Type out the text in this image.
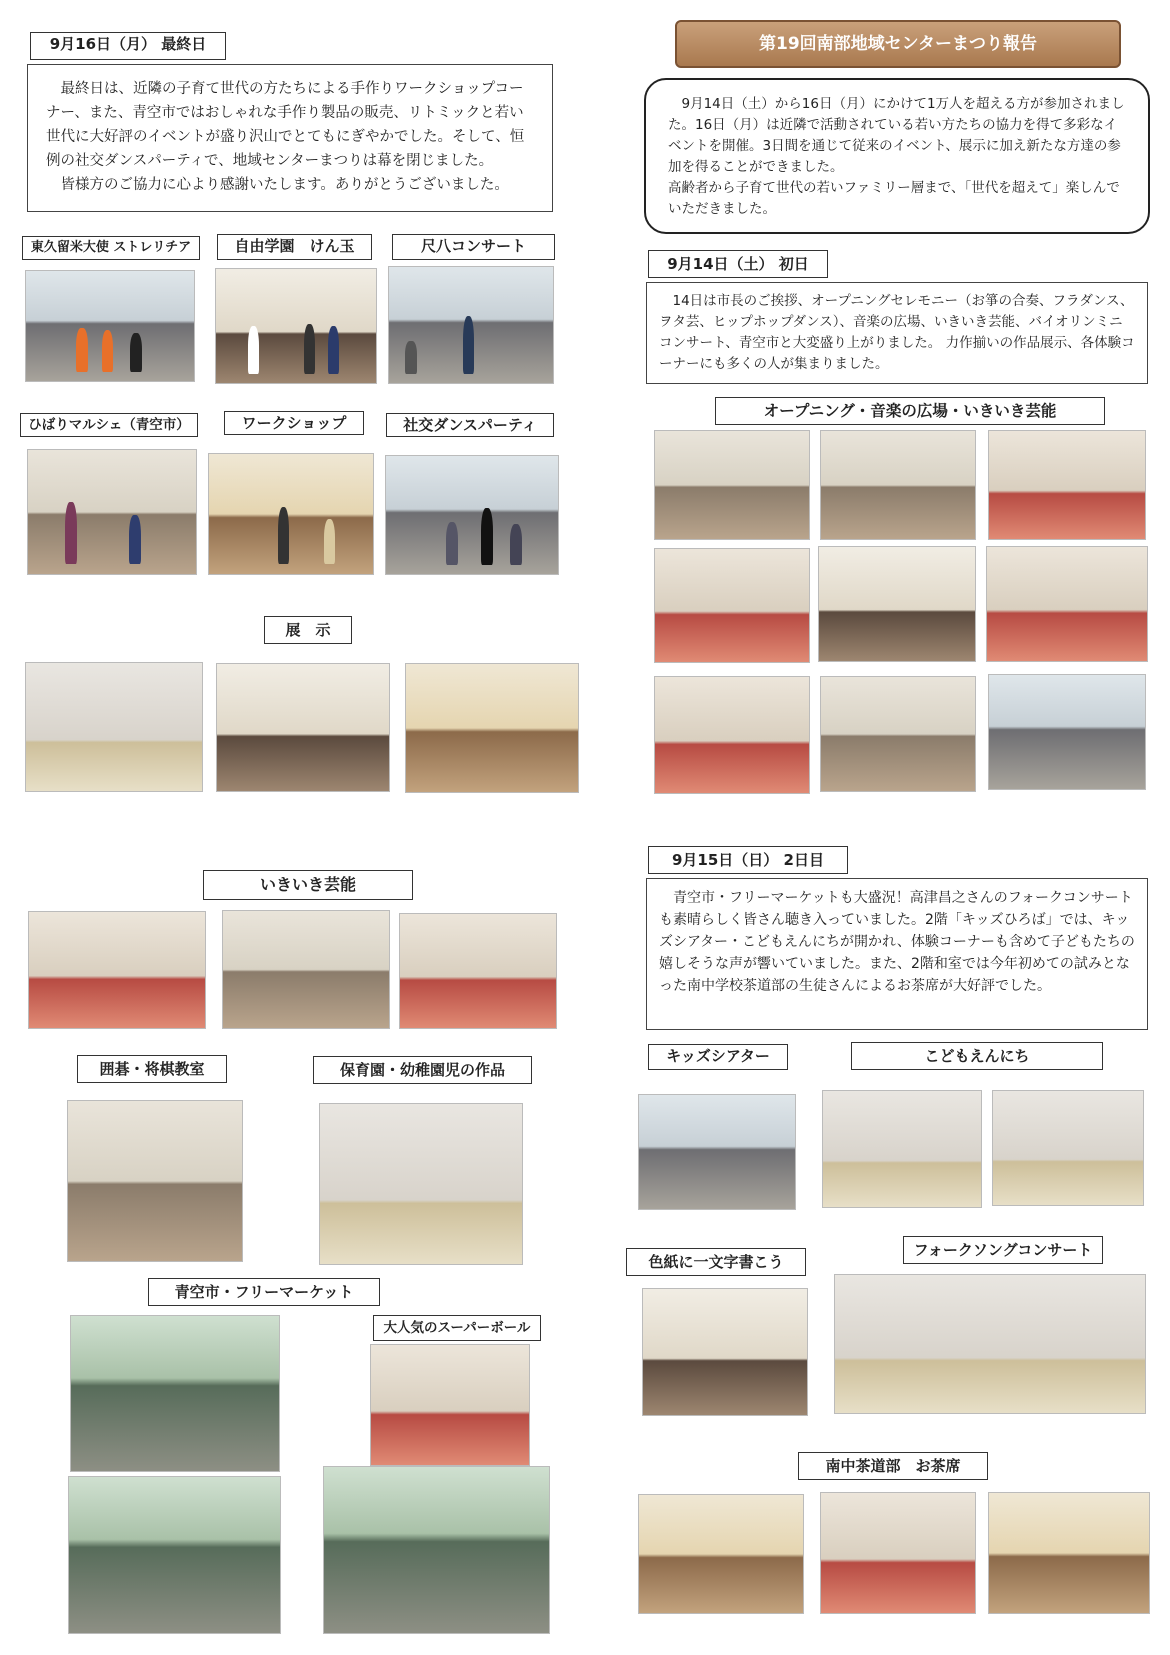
9月16日（月） 最終日
　最終日は、近隣の子育て世代の方たちによる手作りワークショップコーナー、また、青空市ではおしゃれな手作り製品の販売、リトミックと若い世代に大好評のイベントが盛り沢山でとてもにぎやかでした。そして、恒例の社交ダンスパーティで、地域センターまつりは幕を閉じました。
　皆様方のご協力に心より感謝いたします。ありがとうございました。
東久留米大使 ストレリチア	自由学園　けん玉	尺八コンサート
ひばりマルシェ（青空市）	ワークショップ	社交ダンスパーティ
展　示
いきいき芸能
囲碁・将棋教室	保育園・幼稚園児の作品
青空市・フリーマーケット
大人気のスーパーボール
第19回南部地域センターまつり報告
　9月14日（土）から16日（月）にかけて1万人を超える方が参加されました。16日（月）は近隣で活動されている若い方たちの協力を得て多彩なイベントを開催。3日間を通じて従来のイベント、展示に加え新たな方達の参加を得ることができました。
高齢者から子育て世代の若いファミリー層まで、「世代を超えて」楽しんでいただきました。
9月14日（土） 初日
　14日は市長のご挨拶、オープニングセレモニー（お箏の合奏、フラダンス、ヲタ芸、ヒップホップダンス）、音楽の広場、いきいき芸能、バイオリンミニコンサート、青空市と大変盛り上がりました。 力作揃いの作品展示、各体験コーナーにも多くの人が集まりました。
オープニング・音楽の広場・いきいき芸能
9月15日（日） 2日目
　青空市・フリーマーケットも大盛況！高津昌之さんのフォークコンサートも素晴らしく皆さん聴き入っていました。2階「キッズひろば」では、キッズシアター・こどもえんにちが開かれ、体験コーナーも含めて子どもたちの嬉しそうな声が響いていました。また、2階和室では今年初めての試みとなった南中学校茶道部の生徒さんによるお茶席が大好評でした。
キッズシアター	こどもえんにち
色紙に一文字書こう
フォークソングコンサート
南中茶道部　お茶席
